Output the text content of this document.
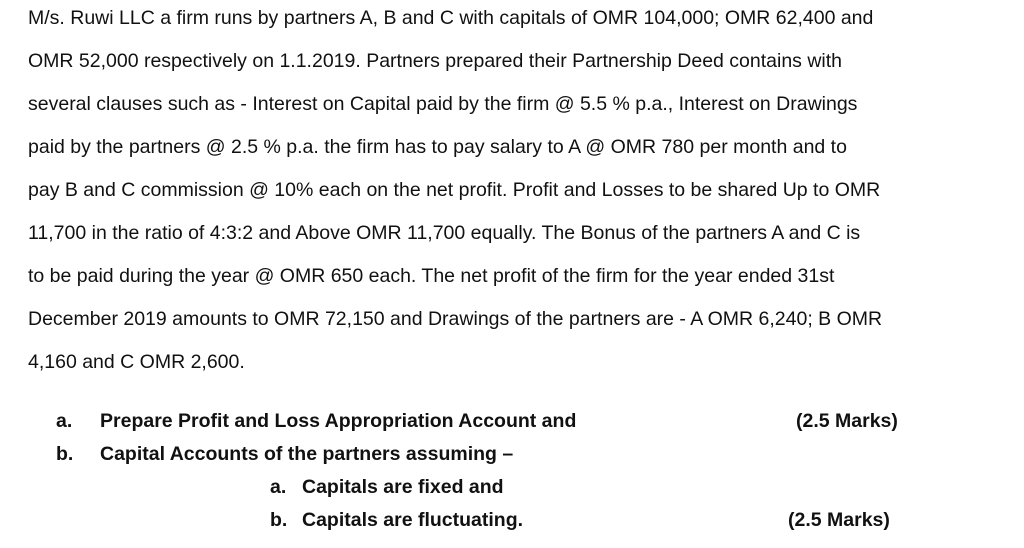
M/s. Ruwi LLC a firm runs by partners A, B and C with capitals of OMR 104,000; OMR 62,400 and
OMR 52,000 respectively on 1.1.2019. Partners prepared their Partnership Deed contains with
several clauses such as - Interest on Capital paid by the firm @ 5.5 % p.a., Interest on Drawings
paid by the partners @ 2.5 % p.a. the firm has to pay salary to A @ OMR 780 per month and to
pay B and C commission @ 10% each on the net profit. Profit and Losses to be shared Up to OMR
11,700 in the ratio of 4:3:2 and Above OMR 11,700 equally. The Bonus of the partners A and C is
to be paid during the year @ OMR 650 each. The net profit of the firm for the year ended 31st
December 2019 amounts to OMR 72,150 and Drawings of the partners are - A OMR 6,240; B OMR
4,160 and C OMR 2,600.
a. Prepare Profit and Loss Appropriation Account and	(2.5 Marks)
b. Capital Accounts of the partners assuming –
a. Capitals are fixed and
b. Capitals are fluctuating.	(2.5 Marks)
